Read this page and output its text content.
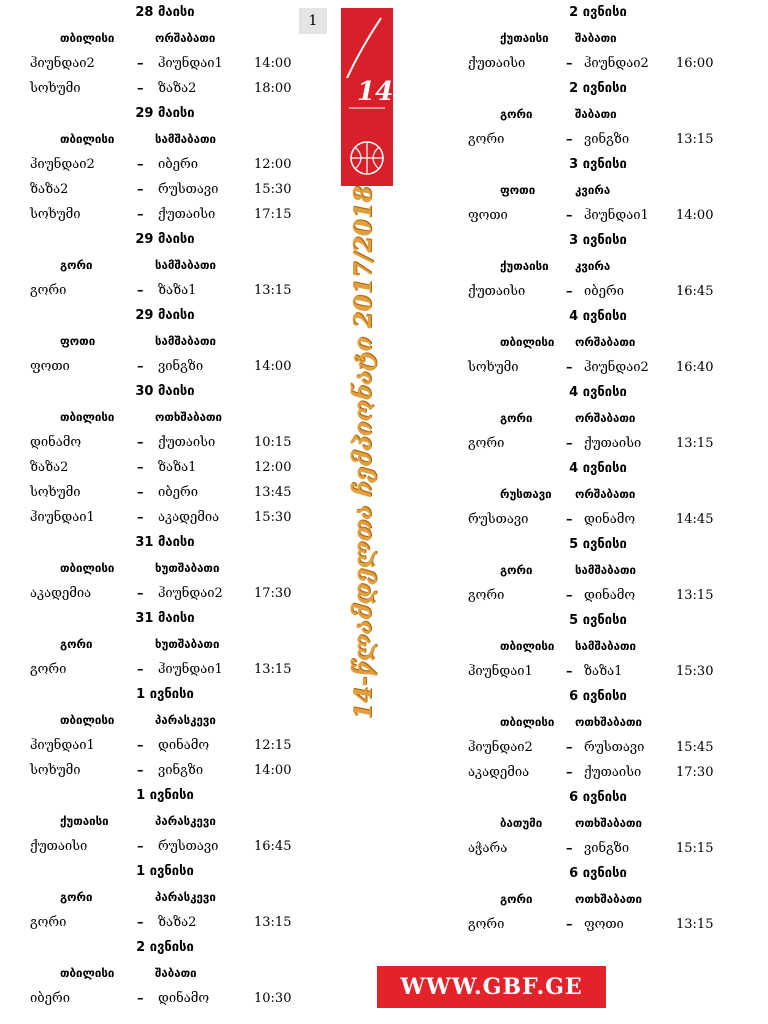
28 მაისი
თბილისი	ორშაბათი
ჰიუნდაი2	– ჰიუნდაი1 14:00
სოხუმი	– ზაზა2	18:00
29 მაისი
თბილისი	სამშაბათი
ჰიუნდაი2	– იბერი	12:00
ზაზა2	– რუსთავი	15:30
სოხუმი	– ქუთაისი	17:15
29 მაისი
გორი	სამშაბათი
გორი	– ზაზა1	13:15
29 მაისი
ფოთი	სამშაბათი
ფოთი	– ვინგზი	14:00
30 მაისი
თბილისი	ოთხშაბათი
დინამო	– ქუთაისი	10:15
ზაზა2	– ზაზა1	12:00
სოხუმი	– იბერი	13:45
ჰიუნდაი1	– აკადემია	15:30
31 მაისი
თბილისი	ხუთშაბათი
აკადემია	– ჰიუნდაი2 17:30
31 მაისი
გორი	ხუთშაბათი
გორი	– ჰიუნდაი1 13:15
1 ივნისი
თბილისი	პარასკევი
ჰიუნდაი1	– დინამო	12:15
სოხუმი	– ვინგზი	14:00
1 ივნისი
ქუთაისი	პარასკევი
ქუთაისი	– რუსთავი	16:45
1 ივნისი
გორი	პარასკევი
გორი	– ზაზა2	13:15
2 ივნისი
თბილისი	შაბათი
იბერი	– დინამო	10:30
2 ივნისი
ქუთაისი შაბათი
ქუთაისი	– ჰიუნდაი2 16:00
2 ივნისი
გორი	შაბათი
გორი	– ვინგზი	13:15
3 ივნისი
ფოთი	კვირა
ფოთი	– ჰიუნდაი1 14:00
3 ივნისი
ქუთაისი კვირა
ქუთაისი	– იბერი	16:45
4 ივნისი
თბილისი ორშაბათი
სოხუმი	– ჰიუნდაი2 16:40
4 ივნისი
გორი	ორშაბათი
გორი	– ქუთაისი	13:15
4 ივნისი
რუსთავი ორშაბათი
რუსთავი	– დინამო	14:45
5 ივნისი
გორი	სამშაბათი
გორი	– დინამო	13:15
5 ივნისი
თბილისი სამშაბათი
ჰიუნდაი1	– ზაზა1	15:30
6 ივნისი
თბილისი ოთხშაბათი
ჰიუნდაი2	– რუსთავი 15:45
აკადემია	– ქუთაისი	17:30
6 ივნისი
ბათუმი	ოთხშაბათი
აჭარა	– ვინგზი	15:15
6 ივნისი
გორი	ოთხშაბათი
გორი	– ფოთი	13:15
1	ᲐᲮᲐᲚᲒᲐᲖᲠᲓᲔᲑᲘ
14
14-წლამდელთა ჩემპიონატი 2017/2018
WWW.GBF.GE
